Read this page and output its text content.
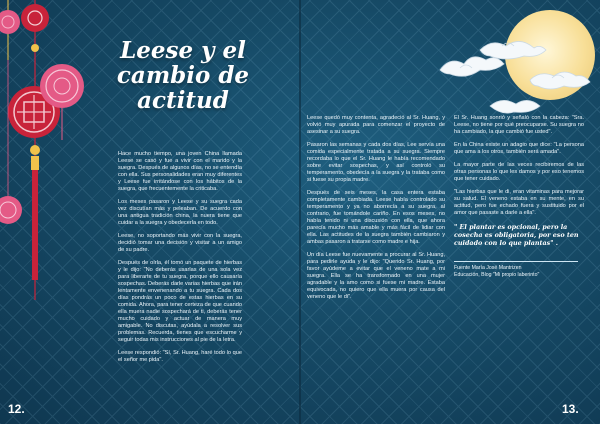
Leese y el
cambio de
actitud

Hace mucho tiempo, una joven China llamada Leese se casó y fue a vivir con el marido y la suegra. Después de algunos días, no se entendía con ella. Sus personalidades eran muy diferentes y Leese fue irritándose con los hábitos de la suegra, que frecuentemente la criticaba.

Los meses pasaron y Leese y su suegra cada vez discutían más y peleaban. De acuerdo con una antigua tradición china, la nuera tiene que cuidar a la suegra y obedecerla en todo.

Leese, no soportando más vivir con la suegra, decidió tomar una decisión y visitar a un amigo de su padre.

Después de oírla, él tomó un paquete de hierbas y le dijo: "No deberás usarlas de una sola vez para liberarte de tu suegra, porque ello causaría sospechas. Deberás darle varias hierbas que irán lentamente envenenando a tu suegra. Cada dos días pondrás un poco de estas hierbas en su comida. Ahora, para tener certeza de que cuando ella muera nadie sospechará de ti, deberás tener mucho cuidado y actuar de manera muy amigable. No discutas, ayúdala a resolver sus problemas. Recuerda, tienes que escucharme y seguir todas mis instrucciones al pie de la letra.

Leese respondió: "Sí, Sr. Huang, haré todo lo que el señor me pida".

Leese quedó muy contenta, agradeció al Sr. Huang, y volvió muy apurada para comenzar el proyecto de asesinar a su suegra.

Pasaron las semanas y cada dos días, Lee servía una comida especialmente tratada a su suegra. Siempre recordaba lo que el Sr. Huang le había recomendado sobre evitar sospechas, y así controló su temperamento, obedecía a la suegra y la trataba como si fuese su propia madre.

Después de seis meses, la casa entera estaba completamente cambiada. Leese había controlado su temperamento y ya no aborrecía a su suegra, al contrario, fue tomándole cariño. En esos meses, no había tenido ni una discusión con ella, que ahora parecía mucho más amable y más fácil de lidiar con ella. Las actitudes de la suegra también cambiaron y ambas pasaron a tratarse como madre e hija.

Un día Leese fue nuevamente a procurar al Sr. Huang, para pedirle ayuda y le dijo: "Querido Sr. Huang, por favor ayúdeme a evitar que el veneno mate a mi suegra. Ella se ha transformado en una mujer agradable y la amo como si fuese mi madre. Estaba equivocada, no quiero que ella muera por causa del veneno que le di".

El Sr. Huang sonrió y señaló con la cabeza: "Sra. Leese, no tiene por qué preocuparse. Su suegra no ha cambiado, la que cambió fue usted".

En la China existe un adagio que dice: "La persona que ama a los otros, también será amada".

La mayor parte de las veces recibiremos de las otras personas lo que les damos y por eso tenemos que tener cuidado.

"Las hierbas que le di, eran vitaminas para mejorar su salud. El veneno estaba en su mente, en su actitud, pero fue echado fuera y sustituido por el amor que pasaste a darle a ella".

" El plantar es opcional, pero la cosecha es obligatoria, por eso ten cuidado con lo que plantas" .

Fuente María José Mantrizen

Educación, Blog "Mi propio laberinto"

12.	13.
